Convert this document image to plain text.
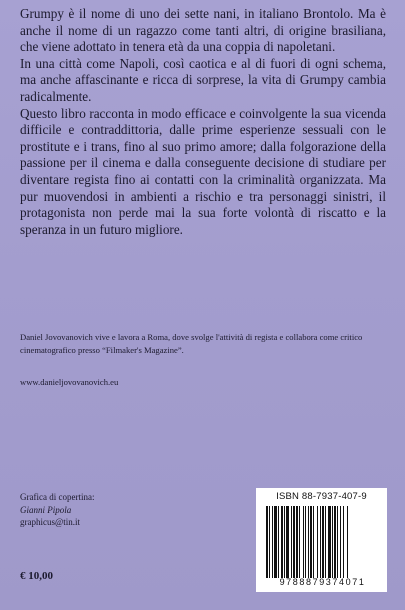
Grumpy è il nome di uno dei sette nani, in italiano Brontolo. Ma è anche il nome di un ragazzo come tanti altri, di origine brasiliana, che viene adottato in tenera età da una coppia di napoletani.

In una città come Napoli, così caotica e al di fuori di ogni schema, ma anche affascinante e ricca di sorprese, la vita di Grumpy cambia radicalmente.

Questo libro racconta in modo efficace e coinvolgente la sua vicenda difficile e contraddittoria, dalle prime esperienze sessuali con le prostitute e i trans, fino al suo primo amore; dalla folgorazione della passione per il cinema e dalla conseguente decisione di studiare per diventare regista fino ai contatti con la criminalità organizzata. Ma pur muovendosi in ambienti a rischio e tra personaggi sinistri, il protagonista non perde mai la sua forte volontà di riscatto e la speranza in un futuro migliore.

Daniel Jovovanovich vive e lavora a Roma, dove svolge l'attività di regista e collabora come critico cinematografico presso “Filmaker's Magazine”.
www.danieljovovanovich.eu
Grafica di copertina:
Gianni Pipola
graphicus@tin.it
€ 10,00
ISBN 88-7937-407-9
9788879374071
